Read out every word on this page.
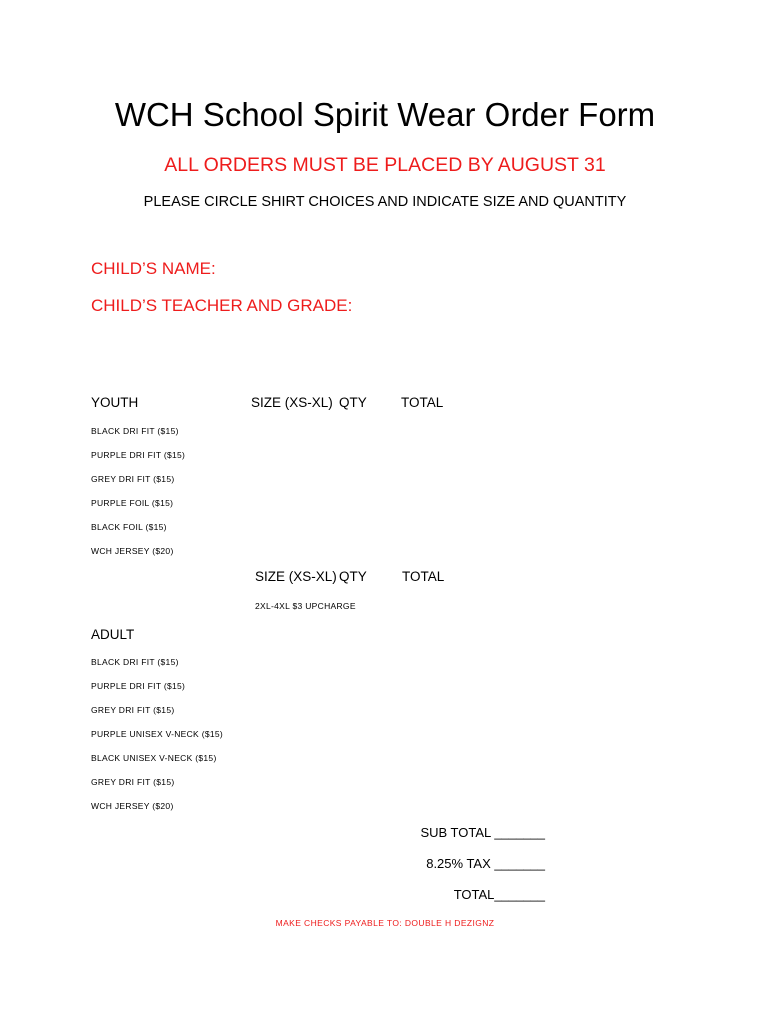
WCH School Spirit Wear Order Form
ALL ORDERS MUST BE PLACED BY AUGUST 31
PLEASE CIRCLE SHIRT CHOICES AND INDICATE SIZE AND QUANTITY
CHILD’S NAME:
CHILD’S TEACHER AND GRADE:
YOUTH	SIZE (XS-XL) QTY	TOTAL
BLACK DRI FIT ($15)
PURPLE DRI FIT ($15)
GREY DRI FIT ($15)
PURPLE FOIL ($15)
BLACK FOIL ($15)
WCH JERSEY ($20)
SIZE (XS-XL) QTY	TOTAL
2XL-4XL $3 UPCHARGE
ADULT
BLACK DRI FIT ($15)
PURPLE DRI FIT ($15)
GREY DRI FIT ($15)
PURPLE UNISEX V-NECK ($15)
BLACK UNISEX V-NECK ($15)
GREY DRI FIT ($15)
WCH JERSEY ($20)
SUB TOTAL _______
8.25% TAX _______
TOTAL_______
MAKE CHECKS PAYABLE TO: DOUBLE H DEZIGNZ
